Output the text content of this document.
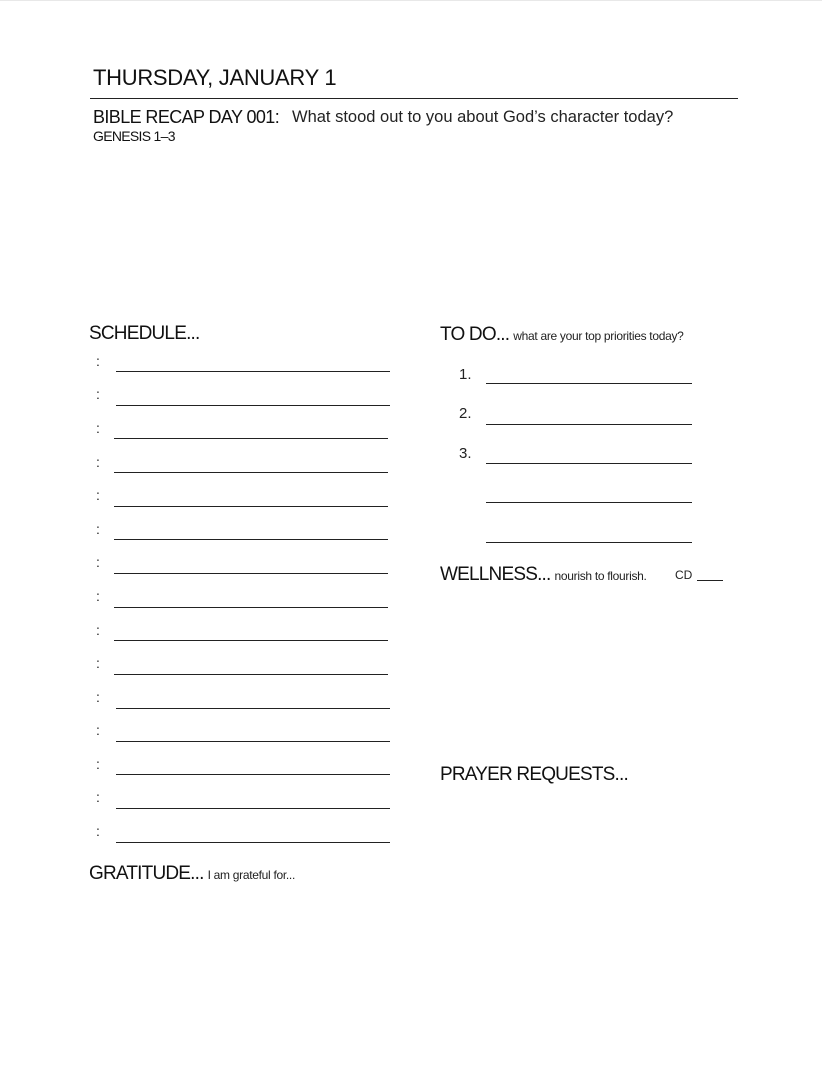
THURSDAY, JANUARY 1
BIBLE RECAP DAY 001: What stood out to you about God’s character today?
GENESIS 1–3
SCHEDULE...
:
:
:
:
:
:
:
:
:
:
:
:
:
:
:
GRATITUDE... I am grateful for...
TO DO... what are your top priorities today?
1.
2.
3.
WELLNESS... nourish to flourish. CD
PRAYER REQUESTS...
